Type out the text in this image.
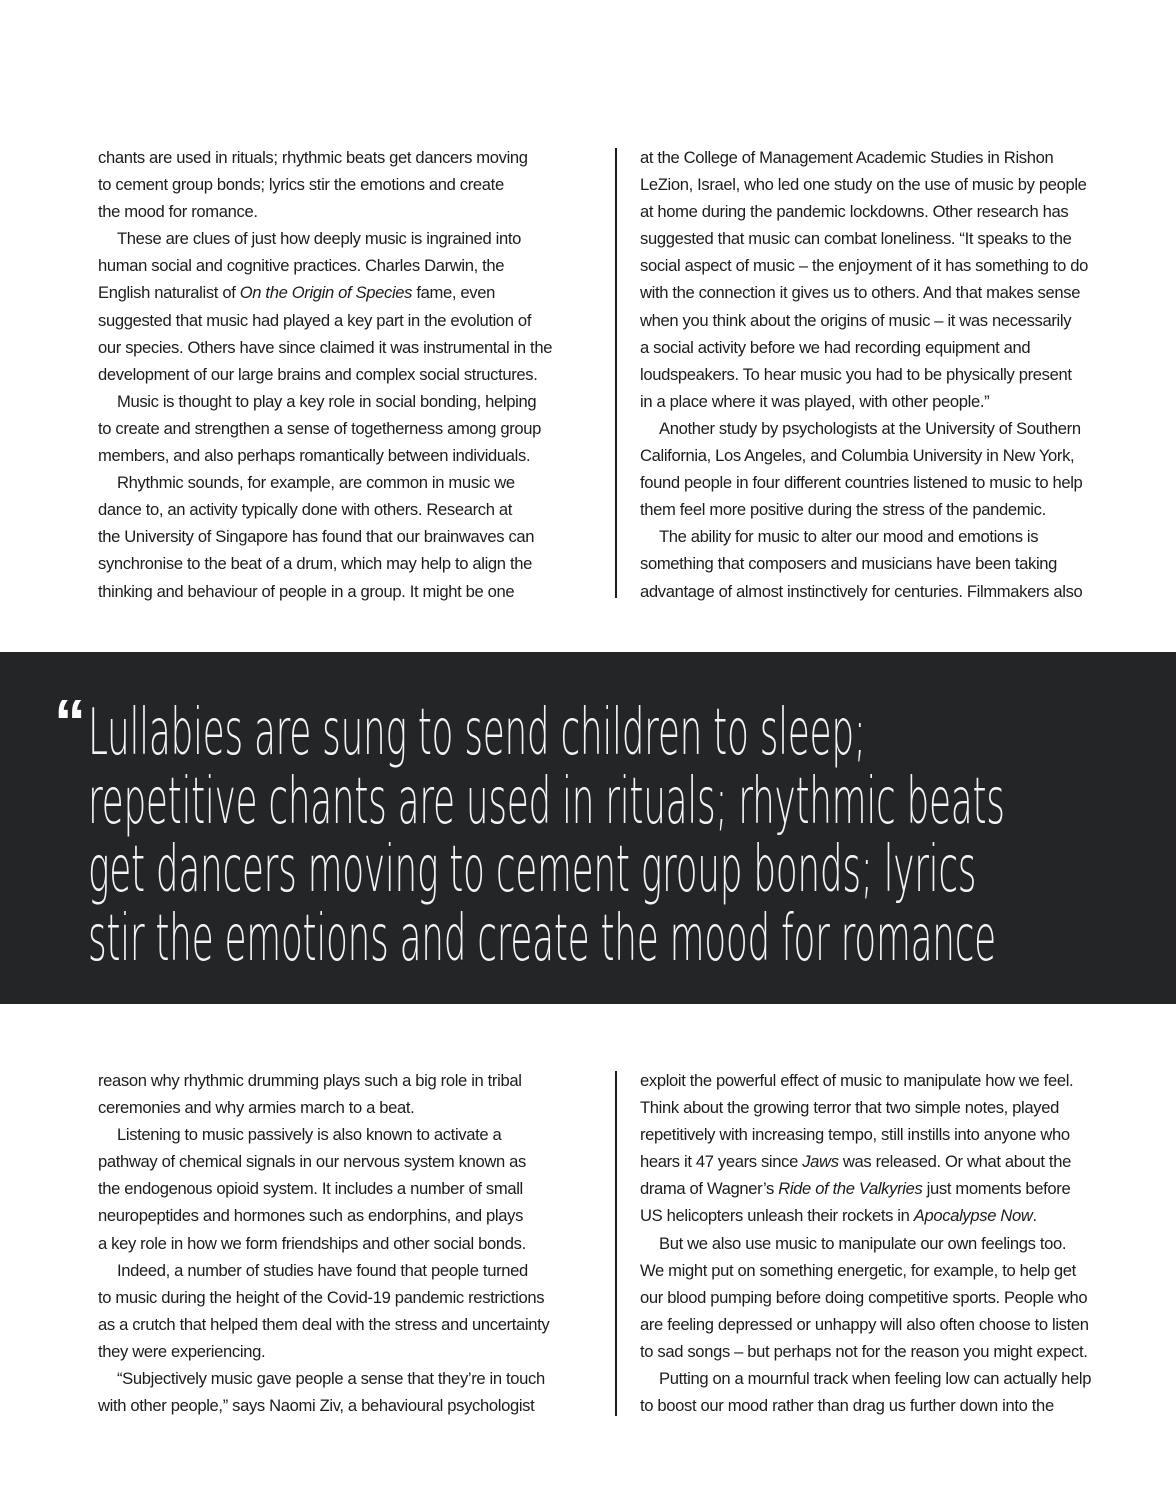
chants are used in rituals; rhythmic beats get dancers moving
to cement group bonds; lyrics stir the emotions and create
the mood for romance.
These are clues of just how deeply music is ingrained into
human social and cognitive practices. Charles Darwin, the
English naturalist of On the Origin of Species fame, even
suggested that music had played a key part in the evolution of
our species. Others have since claimed it was instrumental in the
development of our large brains and complex social structures.
Music is thought to play a key role in social bonding, helping
to create and strengthen a sense of togetherness among group
members, and also perhaps romantically between individuals.
Rhythmic sounds, for example, are common in music we
dance to, an activity typically done with others. Research at
the University of Singapore has found that our brainwaves can
synchronise to the beat of a drum, which may help to align the
thinking and behaviour of people in a group. It might be one
at the College of Management Academic Studies in Rishon
LeZion, Israel, who led one study on the use of music by people
at home during the pandemic lockdowns. Other research has
suggested that music can combat loneliness. “It speaks to the
social aspect of music – the enjoyment of it has something to do
with the connection it gives us to others. And that makes sense
when you think about the origins of music – it was necessarily
a social activity before we had recording equipment and
loudspeakers. To hear music you had to be physically present
in a place where it was played, with other people.”
Another study by psychologists at the University of Southern
California, Los Angeles, and Columbia University in New York,
found people in four different countries listened to music to help
them feel more positive during the stress of the pandemic.
The ability for music to alter our mood and emotions is
something that composers and musicians have been taking
advantage of almost instinctively for centuries. Filmmakers also
“ Lullabies are sung to send children to sleep;
repetitive chants are used in rituals; rhythmic beats
get dancers moving to cement group bonds; lyrics
stir the emotions and create the mood for romance
reason why rhythmic drumming plays such a big role in tribal
ceremonies and why armies march to a beat.
Listening to music passively is also known to activate a
pathway of chemical signals in our nervous system known as
the endogenous opioid system. It includes a number of small
neuropeptides and hormones such as endorphins, and plays
a key role in how we form friendships and other social bonds.
Indeed, a number of studies have found that people turned
to music during the height of the Covid-19 pandemic restrictions
as a crutch that helped them deal with the stress and uncertainty
they were experiencing.
“Subjectively music gave people a sense that they’re in touch
with other people,” says Naomi Ziv, a behavioural psychologist
exploit the powerful effect of music to manipulate how we feel.
Think about the growing terror that two simple notes, played
repetitively with increasing tempo, still instills into anyone who
hears it 47 years since Jaws was released. Or what about the
drama of Wagner’s Ride of the Valkyries just moments before
US helicopters unleash their rockets in Apocalypse Now.
But we also use music to manipulate our own feelings too.
We might put on something energetic, for example, to help get
our blood pumping before doing competitive sports. People who
are feeling depressed or unhappy will also often choose to listen
to sad songs – but perhaps not for the reason you might expect.
Putting on a mournful track when feeling low can actually help
to boost our mood rather than drag us further down into the
